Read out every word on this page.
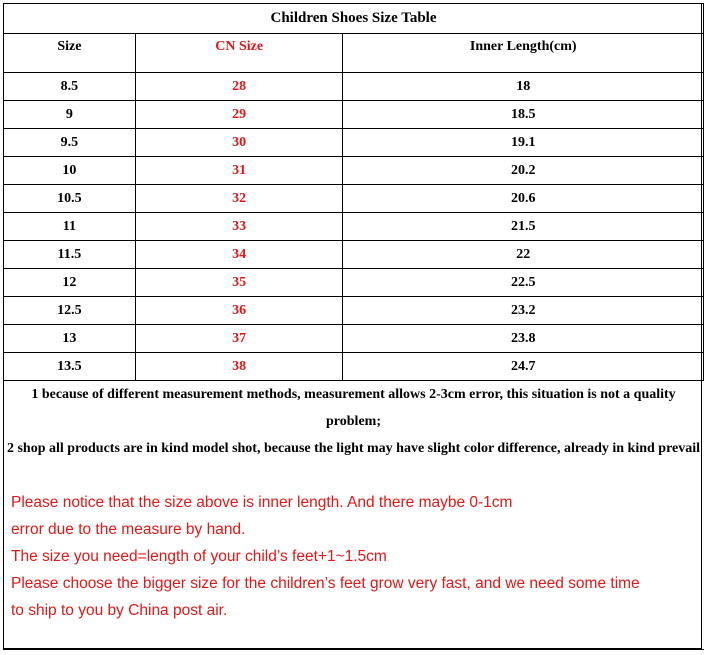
Children Shoes Size Table		
Size	CN Size	Inner Length(cm)
8.5	28	18
9	29	18.5
9.5	30	19.1
10	31	20.2
10.5	32	20.6
11	33	21.5
11.5	34	22
12	35	22.5
12.5	36	23.2
13	37	23.8
13.5	38	24.7
1 because of different measurement methods, measurement allows 2-3cm error, this situation is not a quality problem;
2 shop all products are in kind model shot, because the light may have slight color difference, already in kind prevail

Please notice that the size above is inner length. And there maybe 0-1cm

error due to the measure by hand.

The size you need=length of your child’s feet+1~1.5cm

Please choose the bigger size for the children’s feet grow very fast, and we need some time

to ship to you by China post air.
